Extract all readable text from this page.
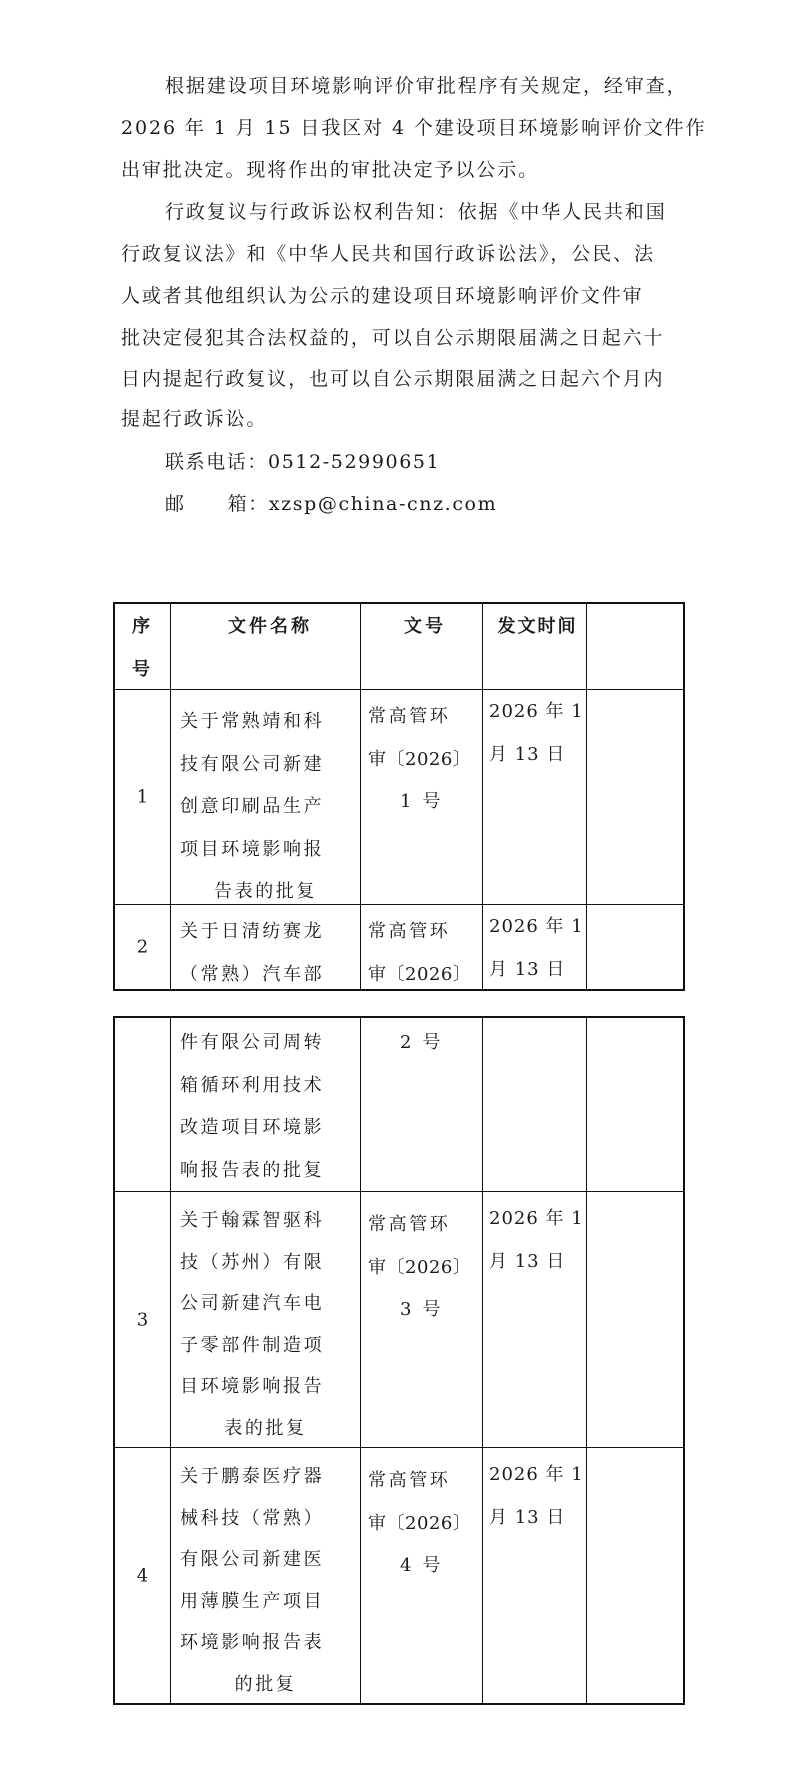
根据建设项目环境影响评价审批程序有关规定，经审查，
2026 年 1 月 15 日我区对 4 个建设项目环境影响评价文件作
出审批决定。现将作出的审批决定予以公示。
行政复议与行政诉讼权利告知：依据《中华人民共和国
行政复议法》和《中华人民共和国行政诉讼法》，公民、法
人或者其他组织认为公示的建设项目环境影响评价文件审
批决定侵犯其合法权益的，可以自公示期限届满之日起六十
日内提起行政复议，也可以自公示期限届满之日起六个月内
提起行政诉讼。
联系电话：0512-52990651
邮 箱：xzsp@china-cnz.com
序
号
文件名称	文号	发文时间
1
关于常熟靖和科
技有限公司新建
创意印刷品生产
项目环境影响报
告表的批复
常高管环
审〔2026〕
1 号
2026 年 1
月 13 日
2
关于日清纺赛龙
（常熟）汽车部
常高管环
审〔2026〕
2026 年 1
月 13 日
件有限公司周转
箱循环利用技术
改造项目环境影
响报告表的批复
2 号
3
关于翰霖智驱科
技（苏州）有限
公司新建汽车电
子零部件制造项
目环境影响报告
表的批复
常高管环
审〔2026〕
3 号
2026 年 1
月 13 日
4
关于鹏泰医疗器
械科技（常熟）
有限公司新建医
用薄膜生产项目
环境影响报告表
的批复
常高管环
审〔2026〕
4 号
2026 年 1
月 13 日
